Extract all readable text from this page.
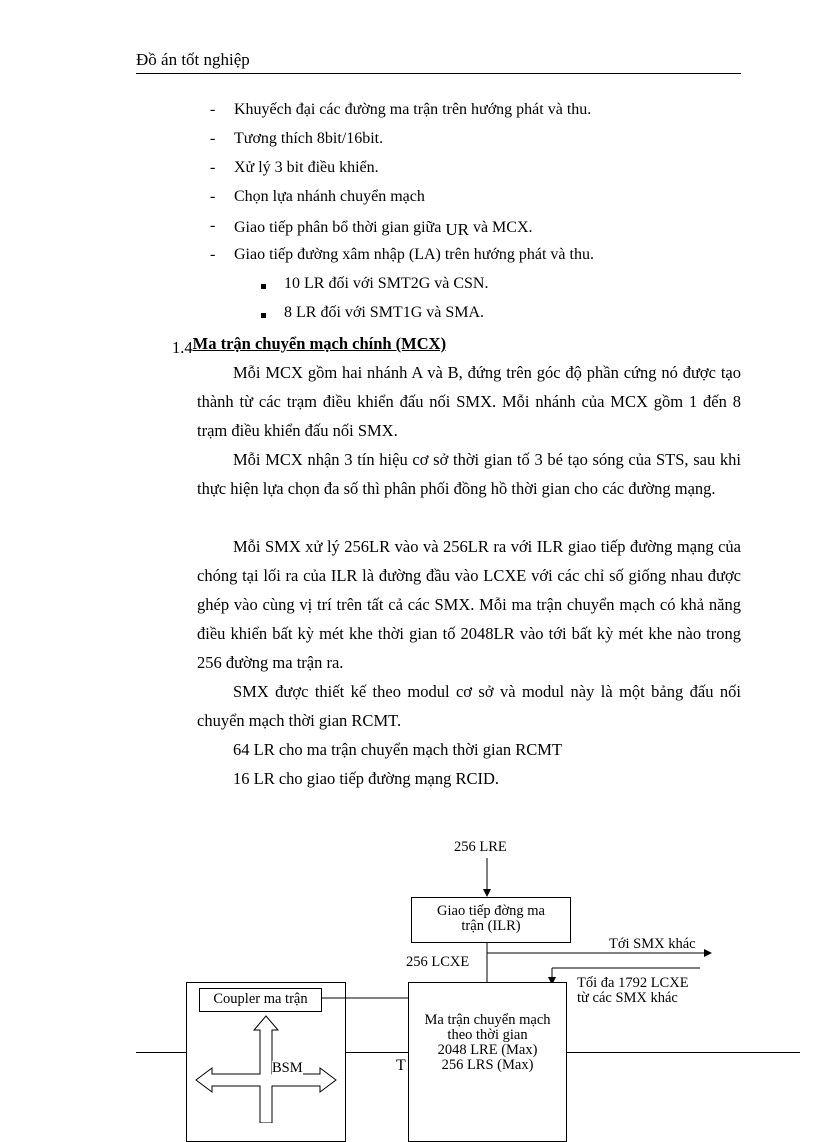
Đồ án tốt nghiệp
- Khuyếch đại các đường ma trận trên hướng phát và thu.
- Tương thích 8bit/16bit.
- Xử lý 3 bit điều khiển.
- Chọn lựa nhánh chuyển mạch
- Giao tiếp phân bổ thời gian giữa UR và MCX.
- Giao tiếp đường xâm nhập (LA) trên hướng phát và thu.
10 LR đối với SMT2G và CSN.
8 LR đối với SMT1G và SMA.
1.4Ma trận chuyển mạch chính (MCX)
Mỗi MCX gồm hai nhánh A và B, đứng trên góc độ phần cứng nó được tạo thành từ các trạm điều khiển đấu nối SMX. Mỗi nhánh của MCX gồm 1 đến 8 trạm điều khiển đấu nối SMX.
Mỗi MCX nhận 3 tín hiệu cơ sở thời gian tố 3 bé tạo sóng của STS, sau khi thực hiện lựa chọn đa số thì phân phối đồng hồ thời gian cho các đường mạng.
Mỗi SMX xử lý 256LR vào và 256LR ra với ILR giao tiếp đường mạng của chóng tại lối ra của ILR là đường đầu vào LCXE với các chỉ số giống nhau được ghép vào cùng vị trí trên tất cả các SMX. Mỗi ma trận chuyển mạch có khả năng điều khiển bất kỳ mét khe thời gian tố 2048LR vào tới bất kỳ mét khe nào trong 256 đường ma trận ra.
SMX được thiết kế theo modul cơ sở và modul này là một bảng đấu nối chuyển mạch thời gian RCMT.
64 LR cho ma trận chuyển mạch thời gian RCMT
16 LR cho giao tiếp đường mạng RCID.
256 LRE
Giao tiếp đờng ma trận (ILR)
256 LCXE
Tới SMX khác
Tối đa 1792 LCXE
từ các SMX khác
Coupler ma trận
BSM
Ma trận chuyển mạch theo thời gian
2048 LRE (Max)
256 LRS (Max)
T
